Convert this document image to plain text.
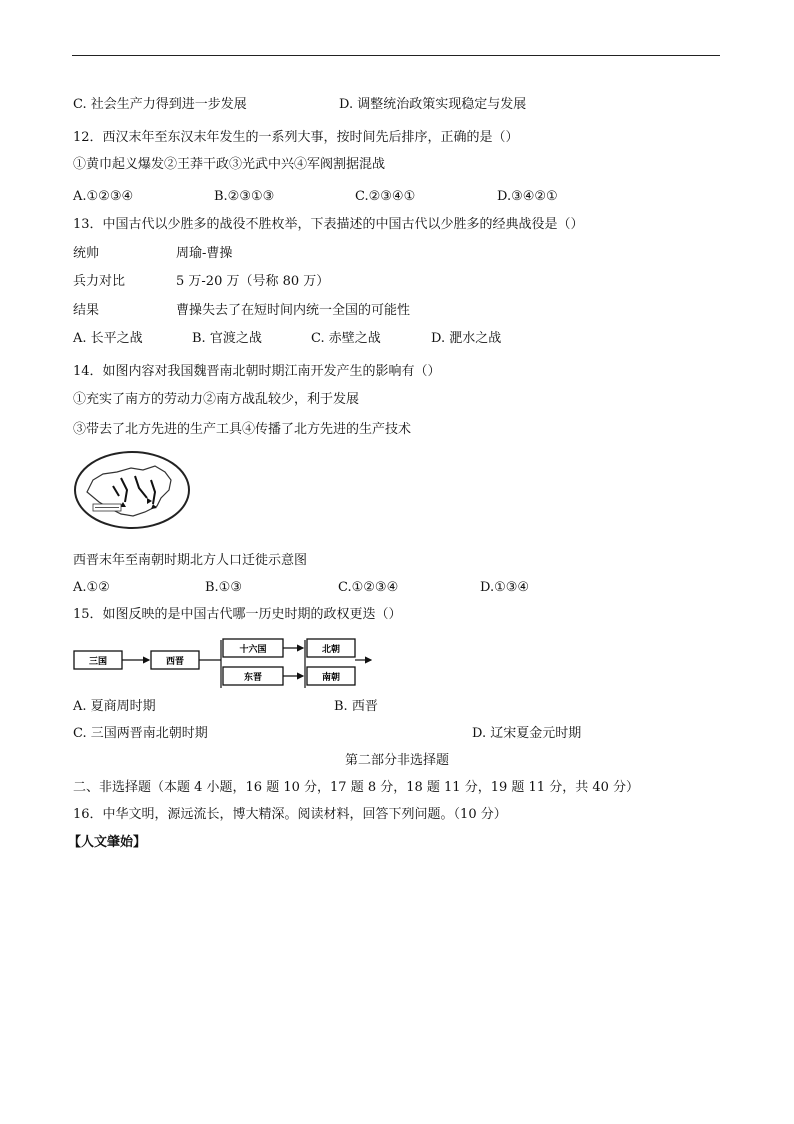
C. 社会生产力得到进一步发展	D. 调整统治政策实现稳定与发展
12．西汉末年至东汉末年发生的一系列大事，按时间先后排序，正确的是（）
①黄巾起义爆发②王莽干政③光武中兴④军阀割据混战
A.①②③④	B.②③①③	C.②③④①	D.③④②①
13．中国古代以少胜多的战役不胜枚举，下表描述的中国古代以少胜多的经典战役是（）
统帅	周瑜-曹操
兵力对比	5 万-20 万（号称 80 万）
结果	曹操失去了在短时间内统一全国的可能性
A. 长平之战	B. 官渡之战	C. 赤壁之战	D. 淝水之战
14．如图内容对我国魏晋南北朝时期江南开发产生的影响有（）
①充实了南方的劳动力②南方战乱较少，利于发展
③带去了北方先进的生产工具④传播了北方先进的生产技术
西晋末年至南朝时期北方人口迁徙示意图
A.①②	B.①③	C.①②③④	D.①③④
15．如图反映的是中国古代哪一历史时期的政权更迭（）
三国	西晋
十六国
东晋
北朝
南朝
A. 夏商周时期	B. 西晋
C. 三国两晋南北朝时期	D. 辽宋夏金元时期
第二部分非选择题
二、非选择题（本题 4 小题，16 题 10 分，17 题 8 分，18 题 11 分，19 题 11 分，共 40 分）
16．中华文明，源远流长，博大精深。阅读材料，回答下列问题。（10 分）
【人文肇始】
